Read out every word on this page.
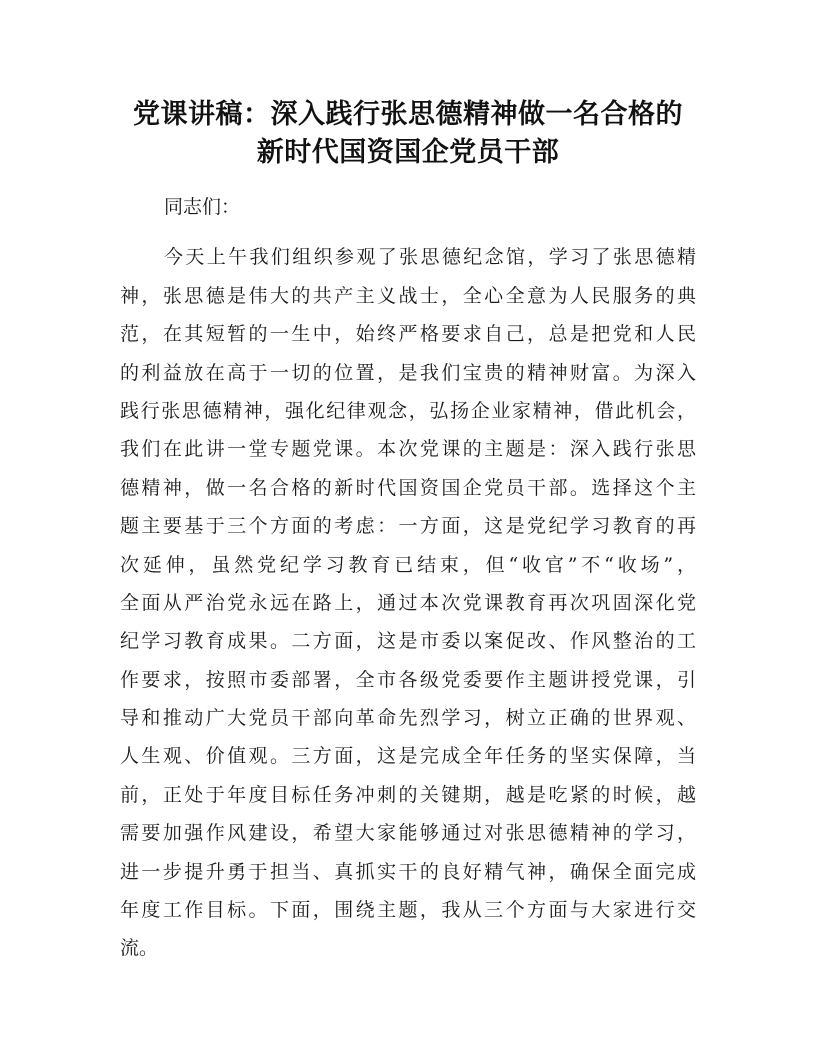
党课讲稿：深入践行张思德精神做一名合格的
新时代国资国企党员干部
同志们：
今天上午我们组织参观了张思德纪念馆，学习了张思德精
神，张思德是伟大的共产主义战士，全心全意为人民服务的典
范，在其短暂的一生中，始终严格要求自己，总是把党和人民
的利益放在高于一切的位置，是我们宝贵的精神财富。为深入
践行张思德精神，强化纪律观念，弘扬企业家精神，借此机会，
我们在此讲一堂专题党课。本次党课的主题是：深入践行张思
德精神，做一名合格的新时代国资国企党员干部。选择这个主
题主要基于三个方面的考虑：一方面，这是党纪学习教育的再
次延伸，虽然党纪学习教育已结束，但“收官”不“收场”，
全面从严治党永远在路上，通过本次党课教育再次巩固深化党
纪学习教育成果。二方面，这是市委以案促改、作风整治的工
作要求，按照市委部署，全市各级党委要作主题讲授党课，引
导和推动广大党员干部向革命先烈学习，树立正确的世界观、
人生观、价值观。三方面，这是完成全年任务的坚实保障，当
前，正处于年度目标任务冲刺的关键期，越是吃紧的时候，越
需要加强作风建设，希望大家能够通过对张思德精神的学习，
进一步提升勇于担当、真抓实干的良好精气神，确保全面完成
年度工作目标。下面，围绕主题，我从三个方面与大家进行交
流。
